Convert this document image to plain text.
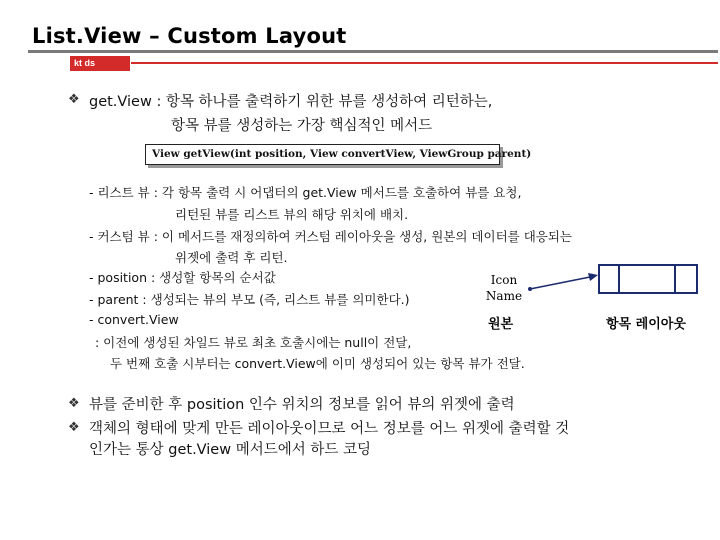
List.View – Custom Layout
kt ds University
❖ get.View : 항목 하나를 출력하기 위한 뷰를 생성하여 리턴하는,
항목 뷰를 생성하는 가장 핵심적인 메서드
View getView(int position, View convertView, ViewGroup parent)
- 리스트 뷰 : 각 항목 출력 시 어댑터의 get.View 메서드를 호출하여 뷰를 요청,
리턴된 뷰를 리스트 뷰의 해당 위치에 배치.
- 커스텀 뷰 : 이 메서드를 재정의하여 커스텀 레이아웃을 생성, 원본의 데이터를 대응되는
위젯에 출력 후 리턴.
- position : 생성할 항목의 순서값
- parent : 생성되는 뷰의 부모 (즉, 리스트 뷰를 의미한다.)
- convert.View
: 이전에 생성된 차일드 뷰로 최초 호출시에는 null이 전달,
두 번째 호출 시부터는 convert.View에 이미 생성되어 있는 항목 뷰가 전달.
Icon
Name
원본	항목 레이아웃
❖ 뷰를 준비한 후 position 인수 위치의 정보를 읽어 뷰의 위젯에 출력
❖ 객체의 형태에 맞게 만든 레이아웃이므로 어느 정보를 어느 위젯에 출력할 것
인가는 통상 get.View 메서드에서 하드 코딩
